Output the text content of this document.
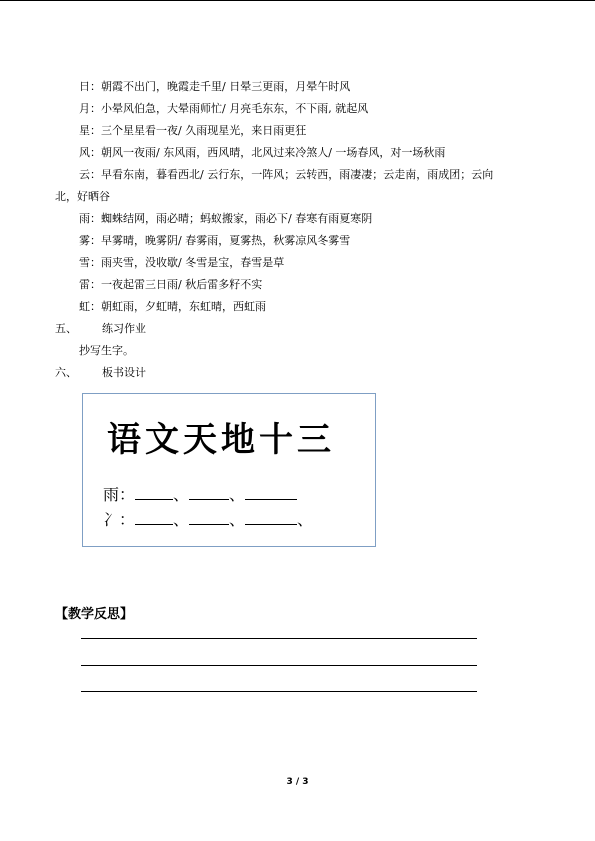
日：朝霞不出门，晚霞走千里/ 日晕三更雨，月晕午时风
月：小晕风伯急，大晕雨师忙/ 月亮毛东东，不下雨, 就起风
星：三个星星看一夜/ 久雨现星光，来日雨更狂
风：朝风一夜雨/ 东风雨，西风晴，北风过来冷煞人/ 一场春风，对一场秋雨
云：早看东南，暮看西北/ 云行东，一阵风；云转西，雨凄凄；云走南，雨成团；云向
北，好晒谷
雨：蜘蛛结网，雨必晴；蚂蚁搬家，雨必下/ 春寒有雨夏寒阴
雾：早雾晴，晚雾阴/ 春雾雨，夏雾热，秋雾凉风冬雾雪
雪：雨夹雪，没收歇/ 冬雪是宝，春雪是草
雷：一夜起雷三日雨/ 秋后雷多籽不实
虹：朝虹雨，夕虹晴，东虹晴，西虹雨
五、 练习作业
抄写生字。
六、 板书设计
语文天地十三
雨： 、	、
冫： 、	、	、
【教学反思】
3 / 3
